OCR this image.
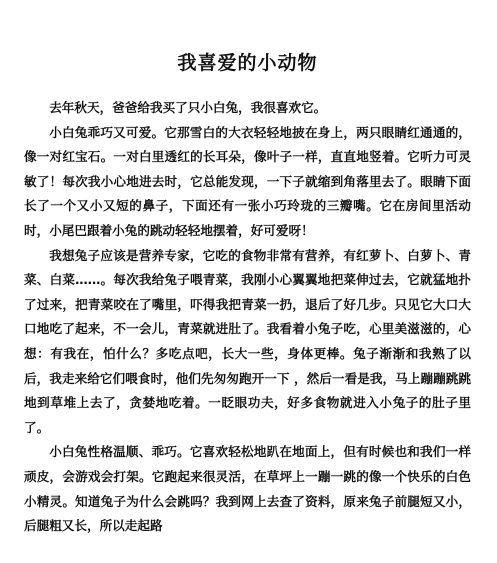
我喜爱的小动物

去年秋天，爸爸给我买了只小白兔，我很喜欢它。

小白兔乖巧又可爱。它那雪白的大衣轻轻地披在身上，两只眼睛红通通的，像一对红宝石。一对白里透红的长耳朵，像叶子一样，直直地竖着。它听力可灵敏了！每次我小心地进去时，它总能发现，一下子就缩到角落里去了。眼睛下面长了一个又小又短的鼻子，下面还有一张小巧玲珑的三瓣嘴。它在房间里活动时，小尾巴跟着小兔的跳动轻轻地摆着，好可爱呀！

我想兔子应该是营养专家，它吃的食物非常有营养，有红萝卜、白萝卜、青菜、白菜……。每次我给兔子喂青菜，我刚小心翼翼地把菜伸过去，它就猛地扑了过来，把青菜咬在了嘴里，吓得我把青菜一扔，退后了好几步。只见它大口大口地吃了起来，不一会儿，青菜就进肚了。我看着小兔子吃，心里美滋滋的，心想：有我在，怕什么？多吃点吧，长大一些，身体更棒。兔子渐渐和我熟了以后，我走来给它们喂食时，他们先匆匆跑开一下 ，然后一看是我，马上蹦蹦跳跳地到草堆上去了，贪婪地吃着。一眨眼功夫，好多食物就进入小兔子的肚子里了。

小白兔性格温顺、乖巧。它喜欢轻松地趴在地面上，但有时候也和我们一样顽皮，会游戏会打架。它跑起来很灵活，在草坪上一蹦一跳的像一个快乐的白色小精灵。知道兔子为什么会跳吗？我到网上去查了资料，原来兔子前腿短又小，后腿粗又长，所以走起路
